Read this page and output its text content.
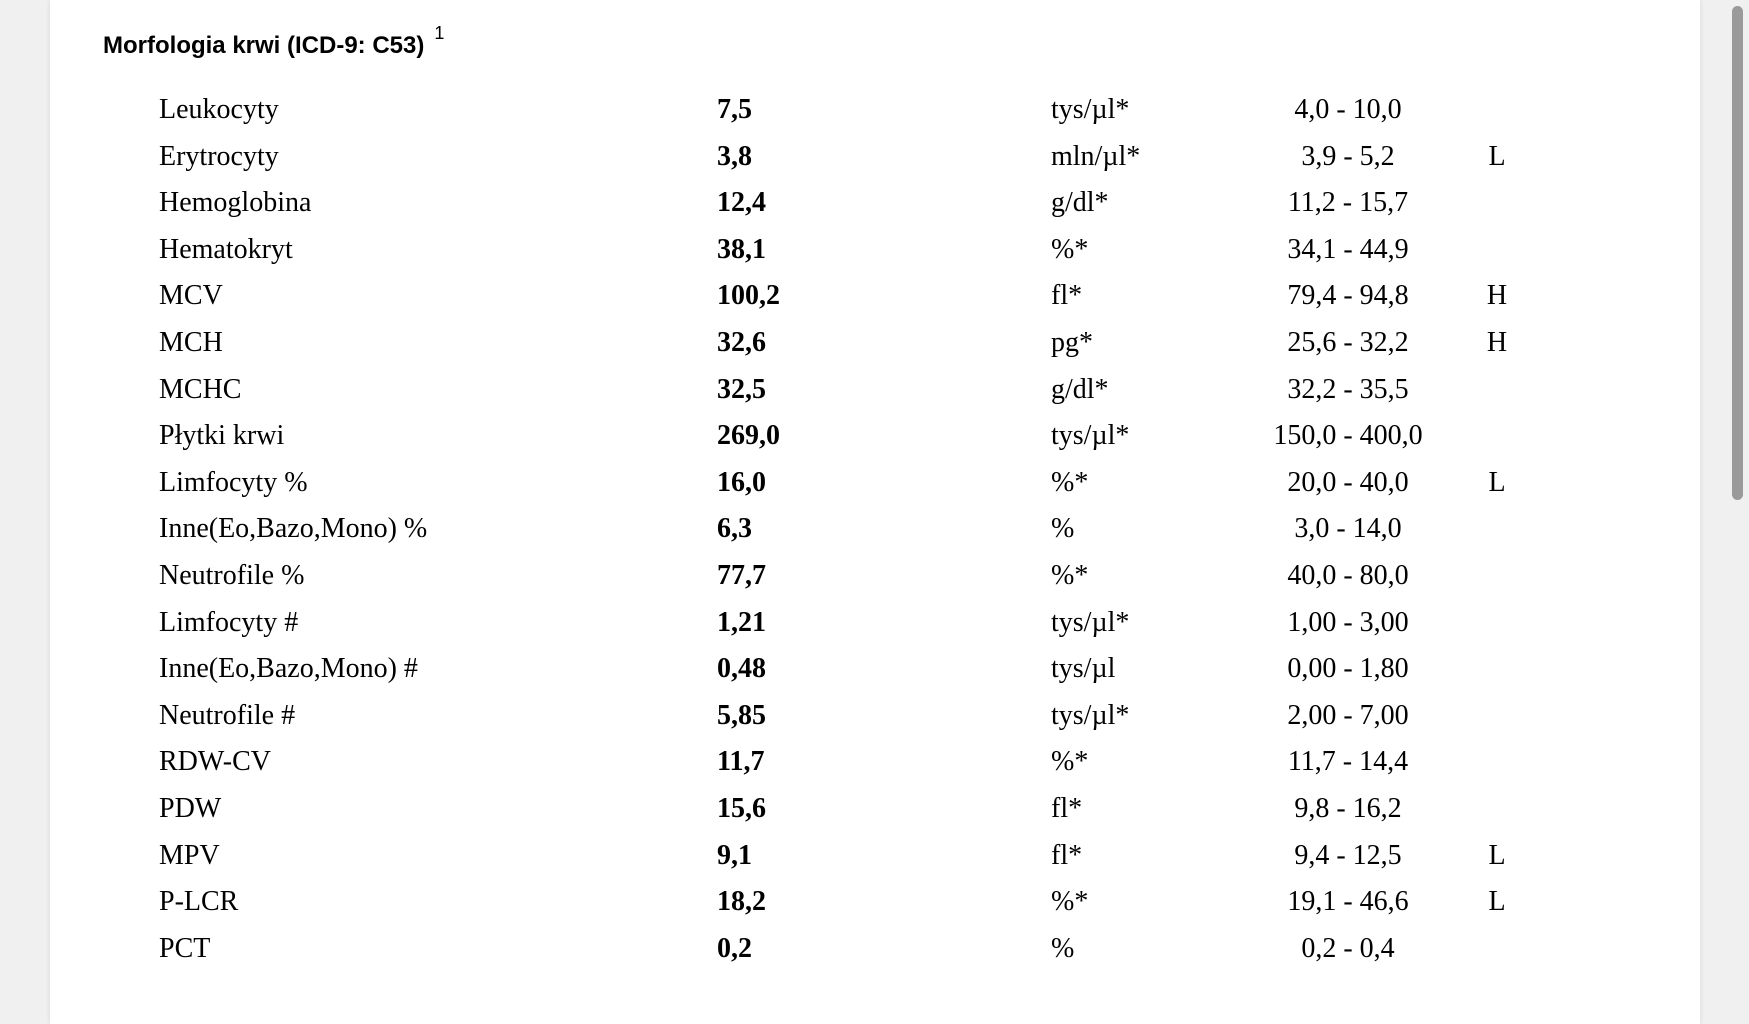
Morfologia krwi (ICD-9: C53) $^1$
Leukocyty	7,5	tys/µl*	4,0 - 10,0
Erytrocyty	3,8	mln/µl*	3,9 - 5,2	L
Hemoglobina	12,4	g/dl*	11,2 - 15,7
Hematokryt	38,1	%*	34,1 - 44,9
MCV	100,2	fl*	79,4 - 94,8	H
MCH	32,6	pg*	25,6 - 32,2	H
MCHC	32,5	g/dl*	32,2 - 35,5
Płytki krwi	269,0	tys/µl*	150,0 - 400,0
Limfocyty %	16,0	%*	20,0 - 40,0	L
Inne(Eo,Bazo,Mono) %	6,3	%	3,0 - 14,0
Neutrofile %	77,7	%*	40,0 - 80,0
Limfocyty #	1,21	tys/µl*	1,00 - 3,00
Inne(Eo,Bazo,Mono) #	0,48	tys/µl	0,00 - 1,80
Neutrofile #	5,85	tys/µl*	2,00 - 7,00
RDW-CV	11,7	%*	11,7 - 14,4
PDW	15,6	fl*	9,8 - 16,2
MPV	9,1	fl*	9,4 - 12,5	L
P-LCR	18,2	%*	19,1 - 46,6	L
PCT	0,2	%	0,2 - 0,4
